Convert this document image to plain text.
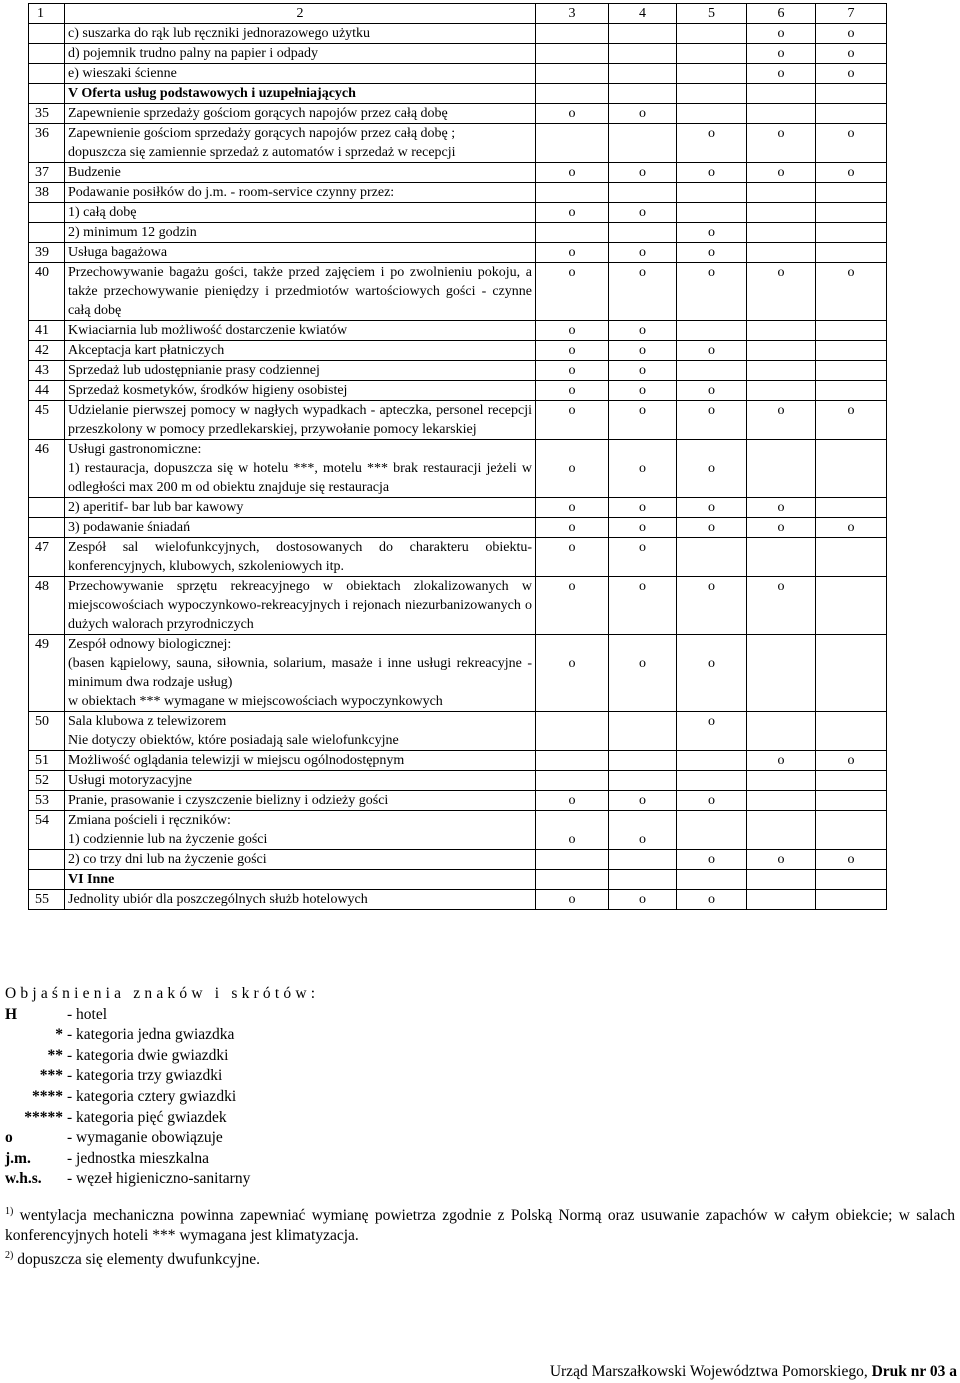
1	2	3	4	5	6	7

	c) suszarka do rąk lub ręczniki jednorazowego użytku				o	o

	d) pojemnik trudno palny na papier i odpady				o	o

	e) wieszaki ścienne				o	o

	V Oferta usług podstawowych i uzupełniających					

35	Zapewnienie sprzedaży gościom gorących napojów przez całą dobę	o	o			
36	Zapewnienie gościom sprzedaży gorących napojów przez całą dobę ;
dopuszcza się zamiennie sprzedaż z automatów i sprzedaż w recepcji			o	o	o
37	Budzenie	o	o	o	o	o
38	Podawanie posiłków do j.m. - room-service czynny przez:					

	1) całą dobę	o	o			

	2) minimum 12 godzin			o		
39	Usługa bagażowa	o	o	o		
40	Przechowywanie bagażu gości, także przed zajęciem i po zwolnieniu pokoju, a także przechowywanie pieniędzy i przedmiotów wartościowych gości - czynne całą dobę	o	o	o	o	o
41	Kwiaciarnia lub możliwość dostarczenie kwiatów	o	o			
42	Akceptacja kart płatniczych	o	o	o		
43	Sprzedaż lub udostępnianie prasy codziennej	o	o			
44	Sprzedaż kosmetyków, środków higieny osobistej	o	o	o		
45	Udzielanie pierwszej pomocy w nagłych wypadkach - apteczka, personel recepcji przeszkolony w pomocy przedlekarskiej, przywołanie pomocy lekarskiej	o	o	o	o	o
46	Usługi gastronomiczne:
1) restauracja, dopuszcza się w hotelu ***, motelu *** brak restauracji jeżeli w odległości max 200 m od obiektu znajduje się restauracja	o	o	o	

	2) aperitif- bar lub bar kawowy	o	o	o	o	

	3) podawanie śniadań	o	o	o	o	o
47	Zespół sal wielofunkcyjnych, dostosowanych do charakteru obiektu-konferencyjnych, klubowych, szkoleniowych itp.	o	o			
48	Przechowywanie sprzętu rekreacyjnego w obiektach zlokalizowanych w miejscowościach wypoczynkowo-rekreacyjnych i rejonach niezurbanizowanych o dużych walorach przyrodniczych	o	o	o	o	
49	Zespół odnowy biologicznej:
(basen kąpielowy, sauna, siłownia, solarium, masaże i inne usługi rekreacyjne - minimum dwa rodzaje usług)
w obiektach *** wymagane w miejscowościach wypoczynkowych	o	o	o	

50	Sala klubowa z telewizorem
Nie dotyczy obiektów, które posiadają sale wielofunkcyjne			o		
51	Możliwość oglądania telewizji w miejscu ogólnodostępnym				o	o
52	Usługi motoryzacyjne					

53	Pranie, prasowanie i czyszczenie bielizny i odzieży gości	o	o	o		
54	Zmiana pościeli i ręczników:
1) codziennie lub na życzenie gości	o	o	

	2) co trzy dni lub na życzenie gości			o	o	o

	VI Inne					

55	Jednolity ubiór dla poszczególnych służb hotelowych	o	o	o		
Objaśnienia znaków i skrótów:
H	- hotel
* - kategoria jedna gwiazdka
** - kategoria dwie gwiazdki
*** - kategoria trzy gwiazdki
**** - kategoria cztery gwiazdki
***** - kategoria pięć gwiazdek
o	- wymaganie obowiązuje
j.m.	- jednostka mieszkalna
w.h.s.	- węzeł higieniczno-sanitarny
$^{1)}$ wentylacja mechaniczna powinna zapewniać wymianę powietrza zgodnie z Polską Normą oraz usuwanie zapachów w całym obiekcie; w salach konferencyjnych hoteli *** wymagana jest klimatyzacja.
$^{2)}$ dopuszcza się elementy dwufunkcyjne.
Urząd Marszałkowski Województwa Pomorskiego, Druk nr 03 a
